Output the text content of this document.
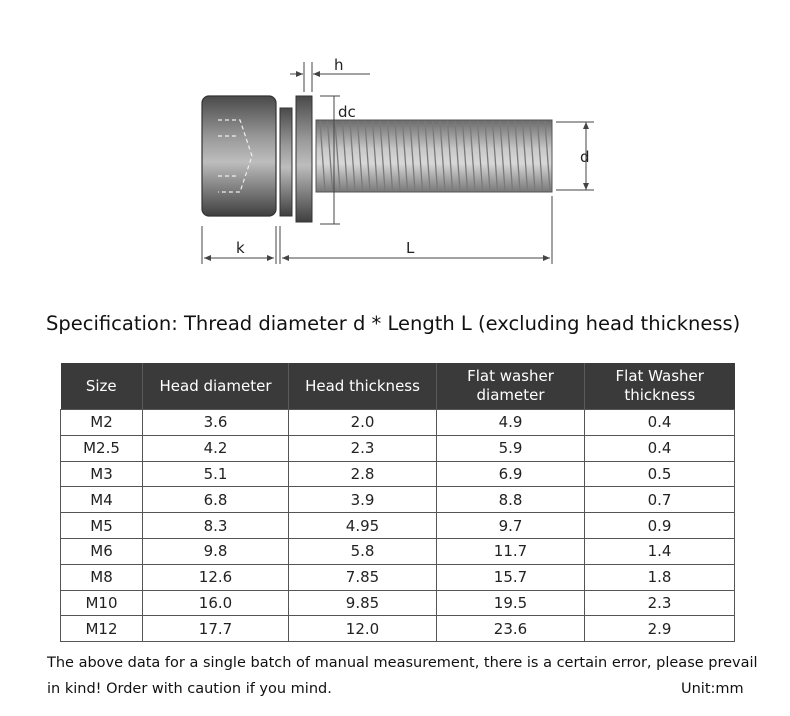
h
dc
d
k	L
Specification: Thread diameter d * Length L (excluding head thickness)
Size	Head diameter	Head thickness	Flat washer diameter	Flat Washer thickness
M2	3.6	2.0	4.9	0.4
M2.5	4.2	2.3	5.9	0.4
M3	5.1	2.8	6.9	0.5
M4	6.8	3.9	8.8	0.7
M5	8.3	4.95	9.7	0.9
M6	9.8	5.8	11.7	1.4
M8	12.6	7.85	15.7	1.8
M10	16.0	9.85	19.5	2.3
M12	17.7	12.0	23.6	2.9
The above data for a single batch of manual measurement, there is a certain error, please prevail
in kind! Order with caution if you mind.	Unit:mm
